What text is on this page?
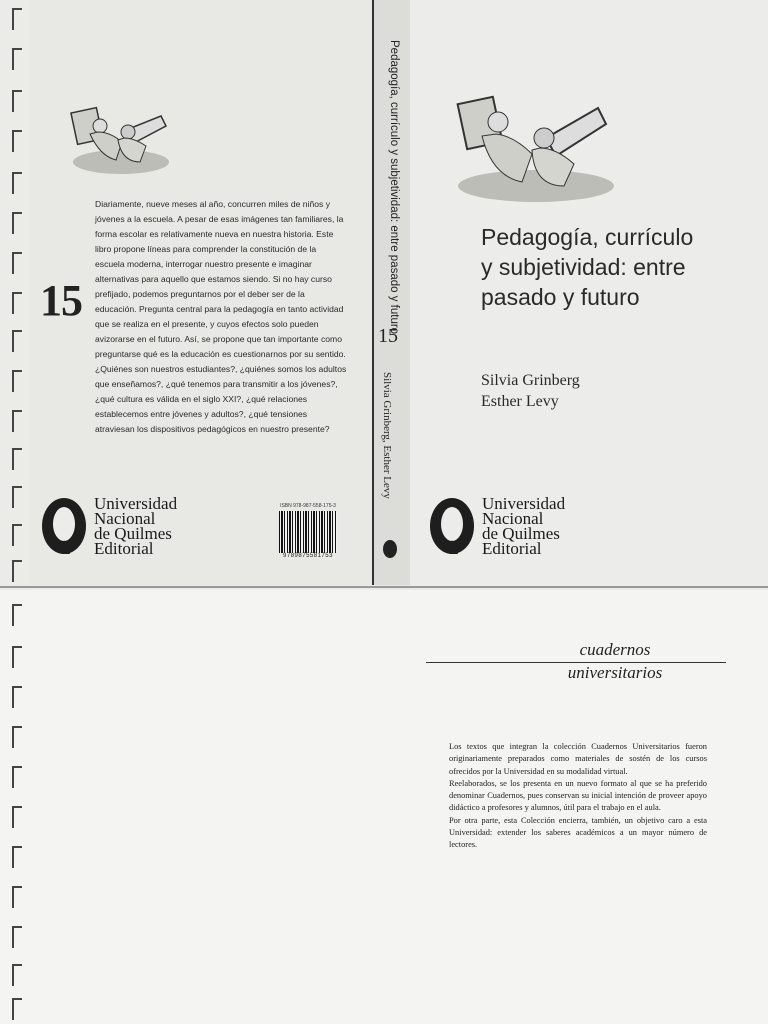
15

Diariamente, nueve meses al año, concurren miles de niños y jóvenes a la escuela. A pesar de esas imágenes tan familiares, la forma escolar es relativamente nueva en nuestra historia. Este libro propone líneas para comprender la constitución de la escuela moderna, interrogar nuestro presente e imaginar alternativas para aquello que estamos siendo. Si no hay curso prefijado, podemos preguntarnos por el deber ser de la educación. Pregunta central para la pedagogía en tanto actividad que se realiza en el presente, y cuyos efectos solo pueden avizorarse en el futuro. Así, se propone que tan importante como preguntarse qué es la educación es cuestionarnos por su sentido. ¿Quiénes son nuestros estudiantes?, ¿quiénes somos los adultos que enseñamos?, ¿qué tenemos para transmitir a los jóvenes?, ¿qué cultura es válida en el siglo XXI?, ¿qué relaciones establecemos entre jóvenes y adultos?, ¿qué tensiones atraviesan los dispositivos pedagógicos en nuestro presente?

Universidad
Nacional
de Quilmes
Editorial
ISBN 978-987-558-175-3
9789875581753
Pedagogía, currículo y subjetividad: entre pasado y futuro
15
Silvia Grinberg, Esther Levy
Pedagogía, currículo
y subjetividad: entre
pasado y futuro
Silvia Grinberg
Esther Levy
Universidad
Nacional
de Quilmes
Editorial
cuadernos
universitarios

Los textos que integran la colección Cuadernos Universitarios fueron originariamente preparados como materiales de sostén de los cursos ofrecidos por la Universidad en su modalidad virtual.

Reelaborados, se los presenta en un nuevo formato al que se ha preferido denominar Cuadernos, pues conservan su inicial intención de proveer apoyo didáctico a profesores y alumnos, útil para el trabajo en el aula.

Por otra parte, esta Colección encierra, también, un objetivo caro a esta Universidad: extender los saberes académicos a un mayor número de lectores.
